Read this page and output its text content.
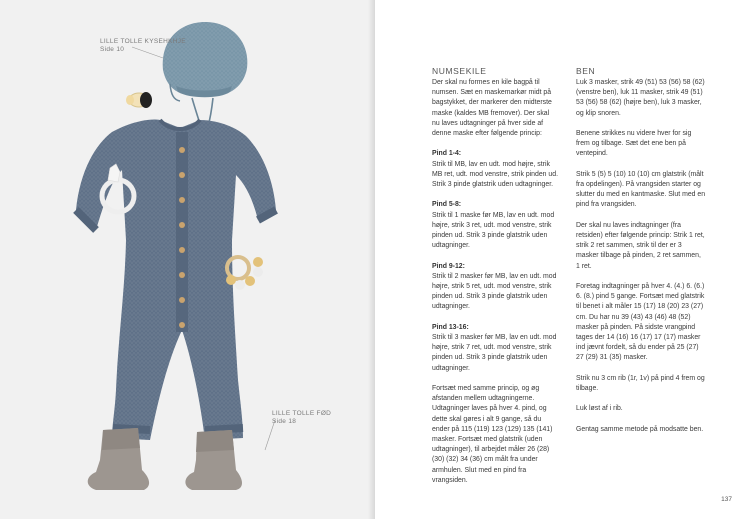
LILLE TOLLE KYSEHKHJE
Side 10
LILLE TOLLE FØD
Side 18
NUMSEKILE

Der skal nu formes en kile bagpå til numsen. Sæt en maskemarkør midt på bagstykket, der markerer den midterste maske (kaldes MB fremover). Der skal nu laves udtagninger på hver side af denne maske efter følgende princip:

Pind 1-4:
Strik til MB, lav en udt. mod højre, strik MB ret, udt. mod venstre, strik pinden ud. Strik 3 pinde glatstrik uden udtagninger.

Pind 5-8:
Strik til 1 maske før MB, lav en udt. mod højre, strik 3 ret, udt. mod venstre, strik pinden ud. Strik 3 pinde glatstrik uden udtagninger.

Pind 9-12:
Strik til 2 masker før MB, lav en udt. mod højre, strik 5 ret, udt. mod venstre, strik pinden ud. Strik 3 pinde glatstrik uden udtagninger.

Pind 13-16:
Strik til 3 masker før MB, lav en udt. mod højre, strik 7 ret, udt. mod venstre, strik pinden ud. Strik 3 pinde glatstrik uden udtagninger.

Fortsæt med samme princip, og øg afstanden mellem udtagningerne. Udtagninger laves på hver 4. pind, og dette skal gøres i alt 9 gange, så du ender på 115 (119) 123 (129) 135 (141) masker. Fortsæt med glatstrik (uden udtagninger), til arbejdet måler 26 (28) (30) (32) 34 (36) cm målt fra under armhulen. Slut med en pind fra vrangsiden.

BEN

Luk 3 masker, strik 49 (51) 53 (56) 58 (62) (venstre ben), luk 11 masker, strik 49 (51) 53 (56) 58 (62) (højre ben), luk 3 masker, og klip snoren.

Benene strikkes nu videre hver for sig frem og tilbage. Sæt det ene ben på ventepind.

Strik 5 (5) 5 (10) 10 (10) cm glatstrik (målt fra opdelingen). På vrangsiden starter og slutter du med en kantmaske. Slut med en pind fra vrangsiden.

Der skal nu laves indtagninger (fra retsiden) efter følgende princip: Strik 1 ret, strik 2 ret sammen, strik til der er 3 masker tilbage på pinden, 2 ret sammen, 1 ret.

Foretag indtagninger på hver 4. (4.) 6. (6.) 6. (8.) pind 5 gange. Fortsæt med glatstrik til benet i alt måler 15 (17) 18 (20) 23 (27) cm. Du har nu 39 (43) 43 (46) 48 (52) masker på pinden. På sidste vrangpind tages der 14 (16) 16 (17) 17 (17) masker ind jævnt fordelt, så du ender på 25 (27) 27 (29) 31 (35) masker.

Strik nu 3 cm rib (1r, 1v) på pind 4 frem og tilbage.

Luk løst af i rib.

Gentag samme metode på modsatte ben.

137
